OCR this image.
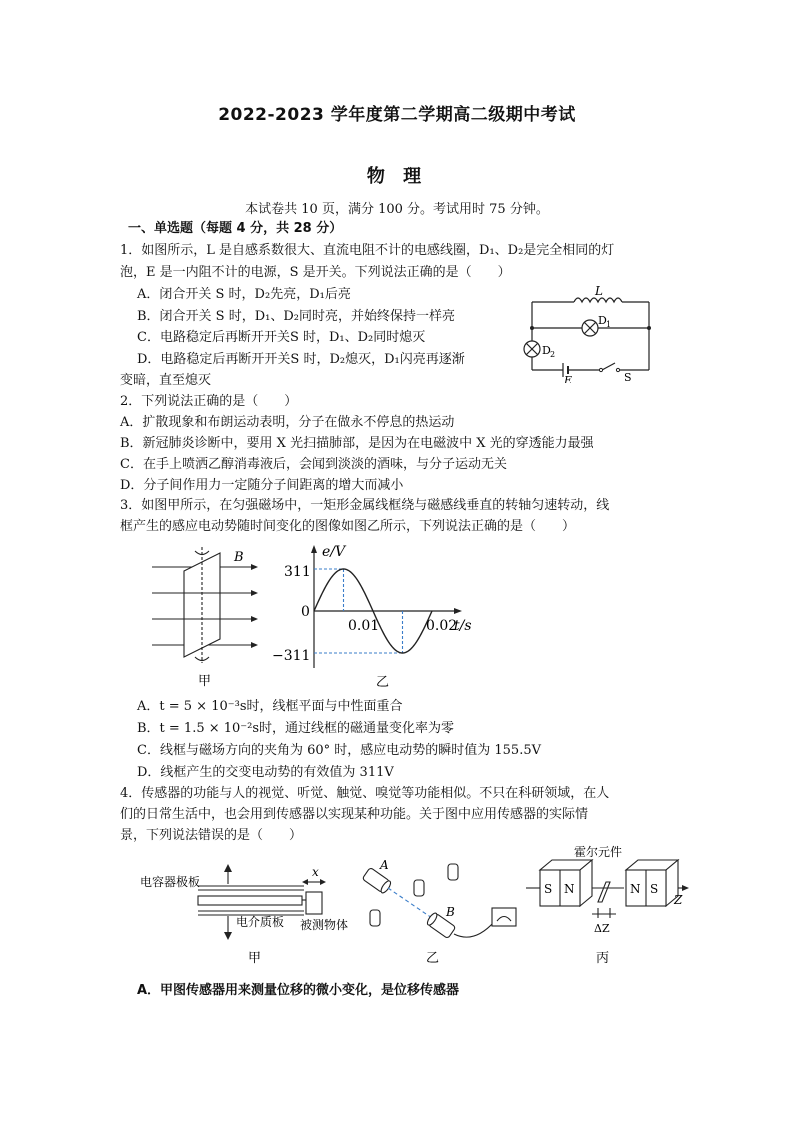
2022-2023 学年度第二学期高二级期中考试
物 理
本试卷共 10 页，满分 100 分。考试用时 75 分钟。
一、单选题（每题 4 分，共 28 分）
1．如图所示，L 是自感系数很大、直流电阻不计的电感线圈，D₁、D₂是完全相同的灯
泡，E 是一内阻不计的电源，S 是开关。下列说法正确的是（　　）
A．闭合开关 S 时，D₂先亮，D₁后亮
B．闭合开关 S 时，D₁、D₂同时亮，并始终保持一样亮
C．电路稳定后再断开开关S 时，D₁、D₂同时熄灭
D．电路稳定后再断开开关S 时，D₂熄灭，D₁闪亮再逐渐
变暗，直至熄灭
L
D 1
D 2
E	S
2．下列说法正确的是（　　）
A．扩散现象和布朗运动表明，分子在做永不停息的热运动
B．新冠肺炎诊断中，要用 X 光扫描肺部，是因为在电磁波中 X 光的穿透能力最强
C．在手上喷洒乙醇消毒液后，会闻到淡淡的酒味，与分子运动无关
D．分子间作用力一定随分子间距离的增大而减小
3．如图甲所示，在匀强磁场中，一矩形金属线框绕与磁感线垂直的转轴匀速转动，线
框产生的感应电动势随时间变化的图像如图乙所示，下列说法正确的是（　　）
B
甲
e/V
t/s
311
0
−311
0.01	0.02
乙
A．t = 5 × 10⁻³s时，线框平面与中性面重合
B．t = 1.5 × 10⁻²s时，通过线框的磁通量变化率为零
C．线框与磁场方向的夹角为 60° 时，感应电动势的瞬时值为 155.5V
D．线框产生的交变电动势的有效值为 311V
4．传感器的功能与人的视觉、听觉、触觉、嗅觉等功能相似。不只在科研领域，在人
们的日常生活中，也会用到传感器以实现某种功能。关于图中应用传感器的实际情
景，下列说法错误的是（　　）
x
电容器极板
电介质板 被测物体
甲
A
B
乙
霍尔元件
S N	N S
Z
ΔZ
丙
A．甲图传感器用来测量位移的微小变化，是位移传感器
